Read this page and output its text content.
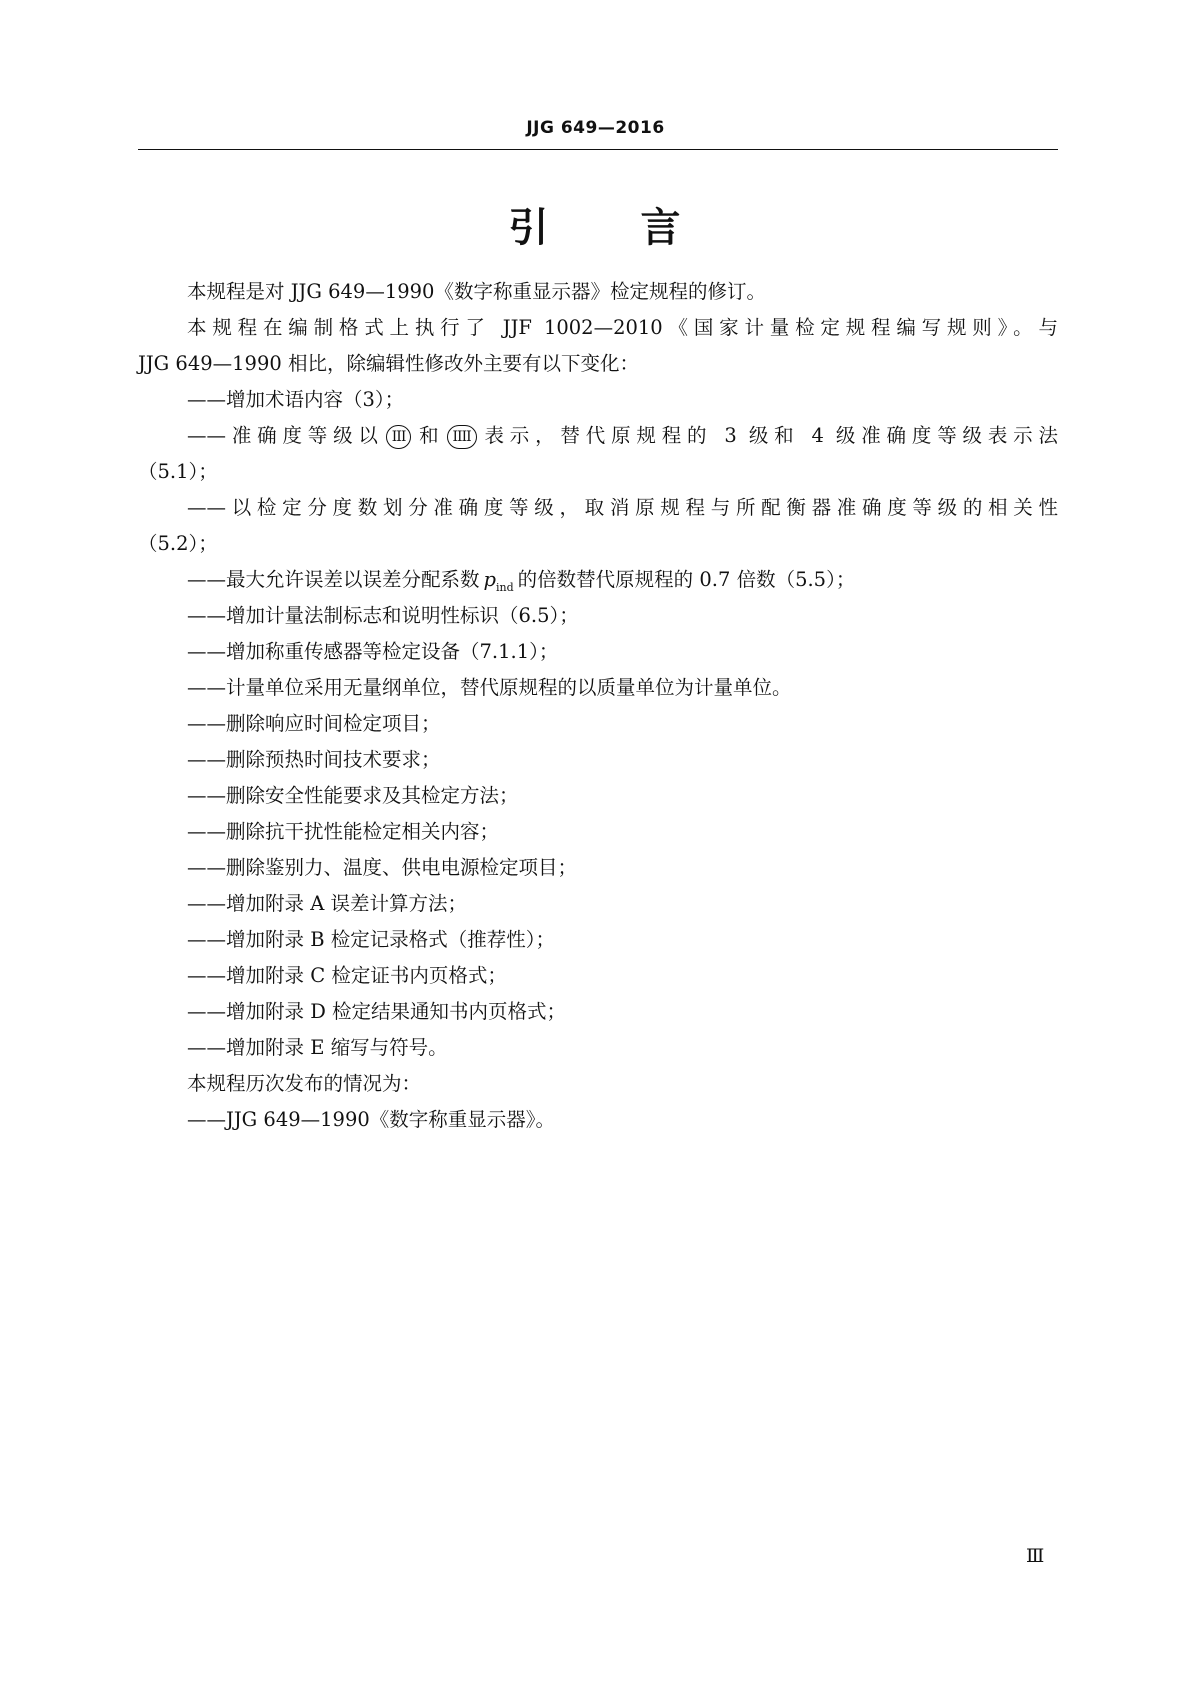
JJG 649—2016
引 言
本规程是对 JJG 649—1990《数字称重显示器》检定规程的修订。
本规程在编制格式上执行了 JJF 1002—2010《国家计量检定规程编写规则》。与
JJG 649—1990 相比，除编辑性修改外主要有以下变化：
——增加术语内容（3）；
——准确度等级以 III 和 IIII 表示，替代原规程的 3 级和 4 级准确度等级表示法
（5.1）；
——以检定分度数划分准确度等级，取消原规程与所配衡器准确度等级的相关性
（5.2）；
——最大允许误差以误差分配系数 $p_{ind}$ 的倍数替代原规程的 0.7 倍数（5.5）；
——增加计量法制标志和说明性标识（6.5）；
——增加称重传感器等检定设备（7.1.1）；
——计量单位采用无量纲单位，替代原规程的以质量单位为计量单位。
——删除响应时间检定项目；
——删除预热时间技术要求；
——删除安全性能要求及其检定方法；
——删除抗干扰性能检定相关内容；
——删除鉴别力、温度、供电电源检定项目；
——增加附录 A 误差计算方法；
——增加附录 B 检定记录格式（推荐性）；
——增加附录 C 检定证书内页格式；
——增加附录 D 检定结果通知书内页格式；
——增加附录 E 缩写与符号。
本规程历次发布的情况为：
——JJG 649—1990《数字称重显示器》。
Ⅲ
